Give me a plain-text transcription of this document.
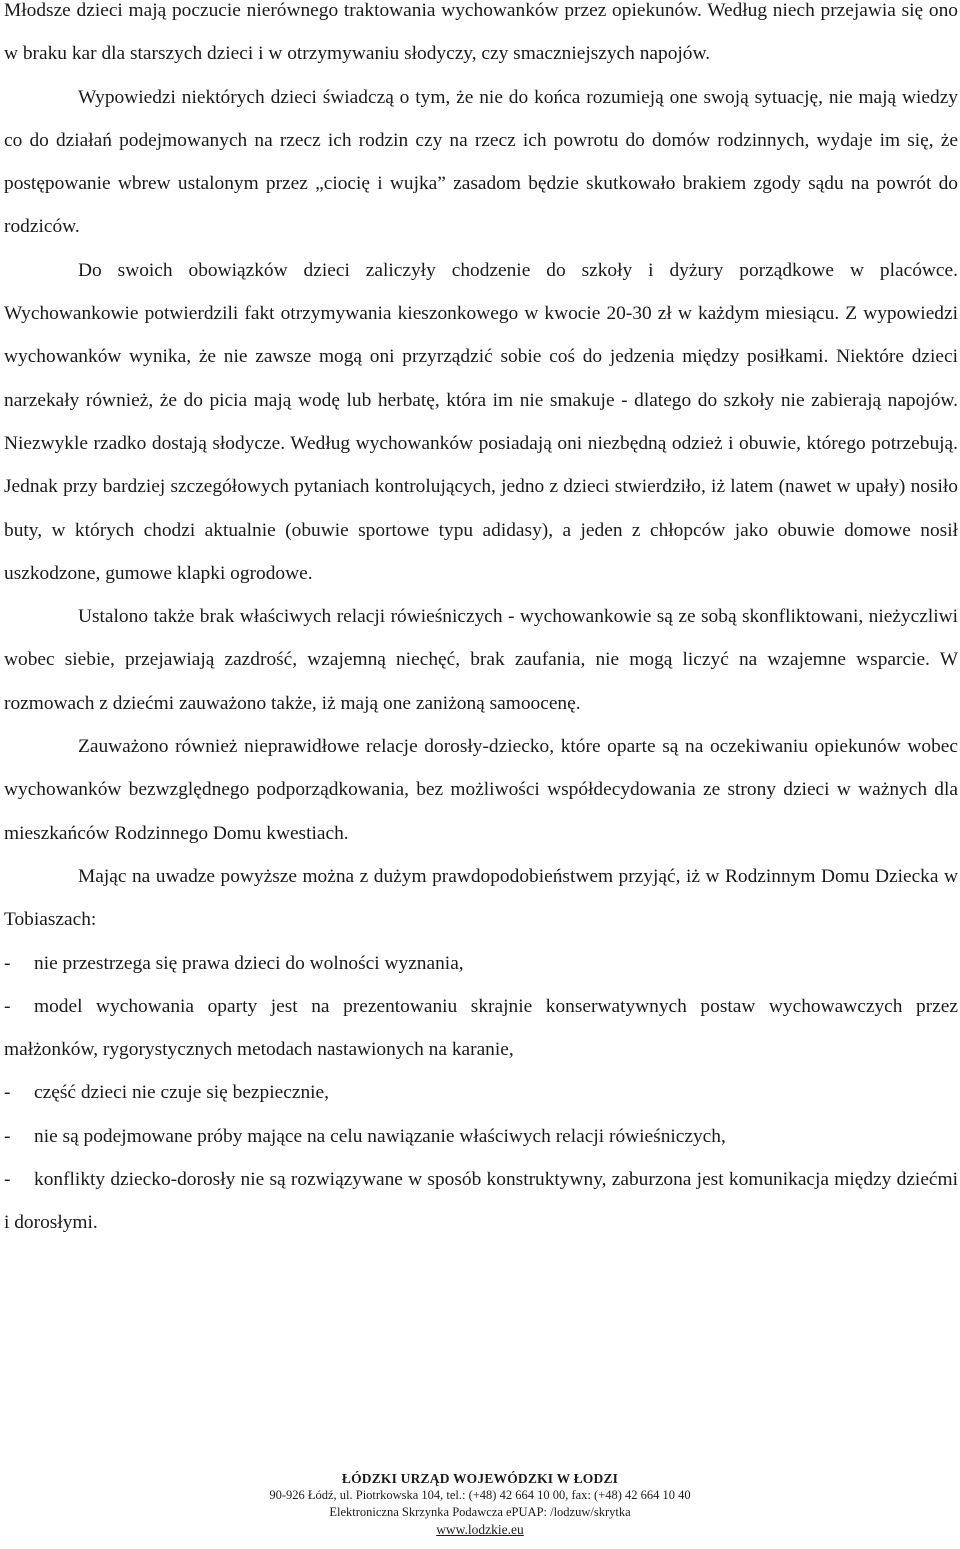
Młodsze dzieci mają poczucie nierównego traktowania wychowanków przez opiekunów. Według niech przejawia się ono w braku kar dla starszych dzieci i w otrzymywaniu słodyczy, czy smaczniejszych napojów.

Wypowiedzi niektórych dzieci świadczą o tym, że nie do końca rozumieją one swoją sytuację, nie mają wiedzy co do działań podejmowanych na rzecz ich rodzin czy na rzecz ich powrotu do domów rodzinnych, wydaje im się, że postępowanie wbrew ustalonym przez „ciocię i wujka” zasadom będzie skutkowało brakiem zgody sądu na powrót do rodziców.

Do swoich obowiązków dzieci zaliczyły chodzenie do szkoły i dyżury porządkowe w placówce. Wychowankowie potwierdzili fakt otrzymywania kieszonkowego w kwocie 20-30 zł w każdym miesiącu. Z wypowiedzi wychowanków wynika, że nie zawsze mogą oni przyrządzić sobie coś do jedzenia między posiłkami. Niektóre dzieci narzekały również, że do picia mają wodę lub herbatę, która im nie smakuje - dlatego do szkoły nie zabierają napojów. Niezwykle rzadko dostają słodycze. Według wychowanków posiadają oni niezbędną odzież i obuwie, którego potrzebują. Jednak przy bardziej szczegółowych pytaniach kontrolujących, jedno z dzieci stwierdziło, iż latem (nawet w upały) nosiło buty, w których chodzi aktualnie (obuwie sportowe typu adidasy), a jeden z chłopców jako obuwie domowe nosił uszkodzone, gumowe klapki ogrodowe.

Ustalono także brak właściwych relacji rówieśniczych - wychowankowie są ze sobą skonfliktowani, nieżyczliwi wobec siebie, przejawiają zazdrość, wzajemną niechęć, brak zaufania, nie mogą liczyć na wzajemne wsparcie. W rozmowach z dziećmi zauważono także, iż mają one zaniżoną samoocenę.

Zauważono również nieprawidłowe relacje dorosły-dziecko, które oparte są na oczekiwaniu opiekunów wobec wychowanków bezwzględnego podporządkowania, bez możliwości współdecydowania ze strony dzieci w ważnych dla mieszkańców Rodzinnego Domu kwestiach.

Mając na uwadze powyższe można z dużym prawdopodobieństwem przyjąć, iż w Rodzinnym Domu Dziecka w Tobiaszach:

- nie przestrzega się prawa dzieci do wolności wyznania,
- model wychowania oparty jest na prezentowaniu skrajnie konserwatywnych postaw wychowawczych przez małżonków, rygorystycznych metodach nastawionych na karanie,
- część dzieci nie czuje się bezpiecznie,
- nie są podejmowane próby mające na celu nawiązanie właściwych relacji rówieśniczych,
- konflikty dziecko-dorosły nie są rozwiązywane w sposób konstruktywny, zaburzona jest komunikacja między dziećmi i dorosłymi.
ŁÓDZKI URZĄD WOJEWÓDZKI W ŁODZI
90-926 Łódź, ul. Piotrkowska 104, tel.: (+48) 42 664 10 00, fax: (+48) 42 664 10 40
Elektroniczna Skrzynka Podawcza ePUAP: /lodzuw/skrytka
www.lodzkie.eu
